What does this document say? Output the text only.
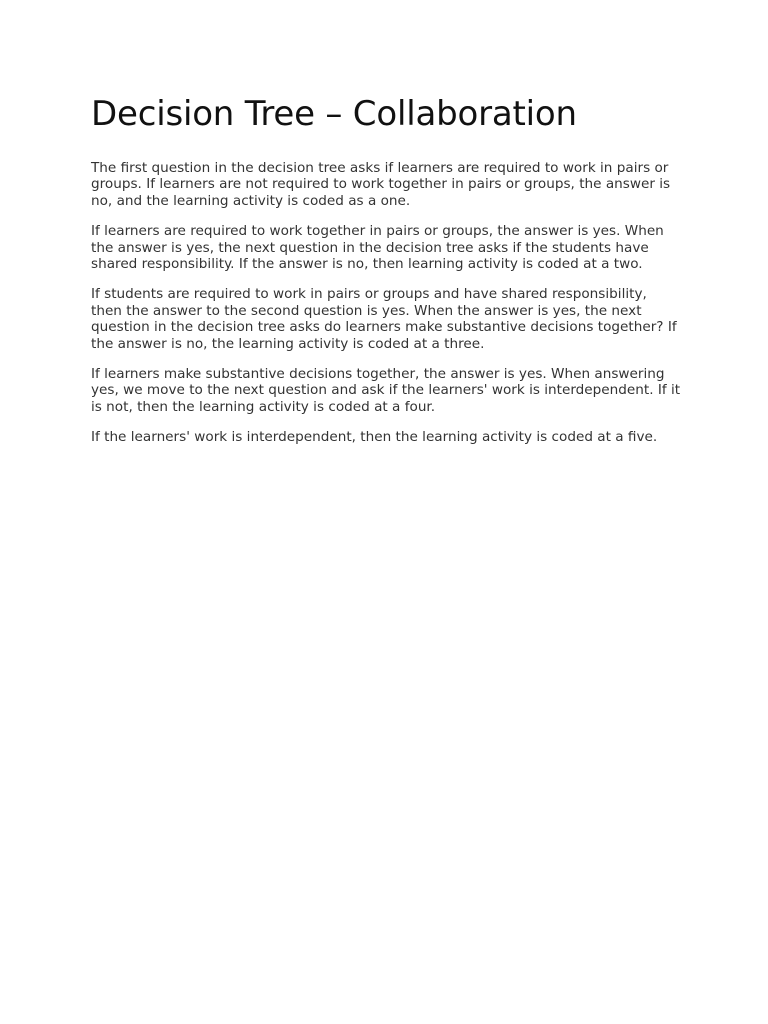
Decision Tree – Collaboration

The first question in the decision tree asks if learners are required to work in pairs or groups. If learners are not required to work together in pairs or groups, the answer is no, and the learning activity is coded as a one.

If learners are required to work together in pairs or groups, the answer is yes. When the answer is yes, the next question in the decision tree asks if the students have shared responsibility. If the answer is no, then learning activity is coded at a two.

If students are required to work in pairs or groups and have shared responsibility, then the answer to the second question is yes. When the answer is yes, the next question in the decision tree asks do learners make substantive decisions together? If the answer is no, the learning activity is coded at a three.

If learners make substantive decisions together, the answer is yes. When answering yes, we move to the next question and ask if the learners' work is interdependent. If it is not, then the learning activity is coded at a four.

If the learners' work is interdependent, then the learning activity is coded at a five.
